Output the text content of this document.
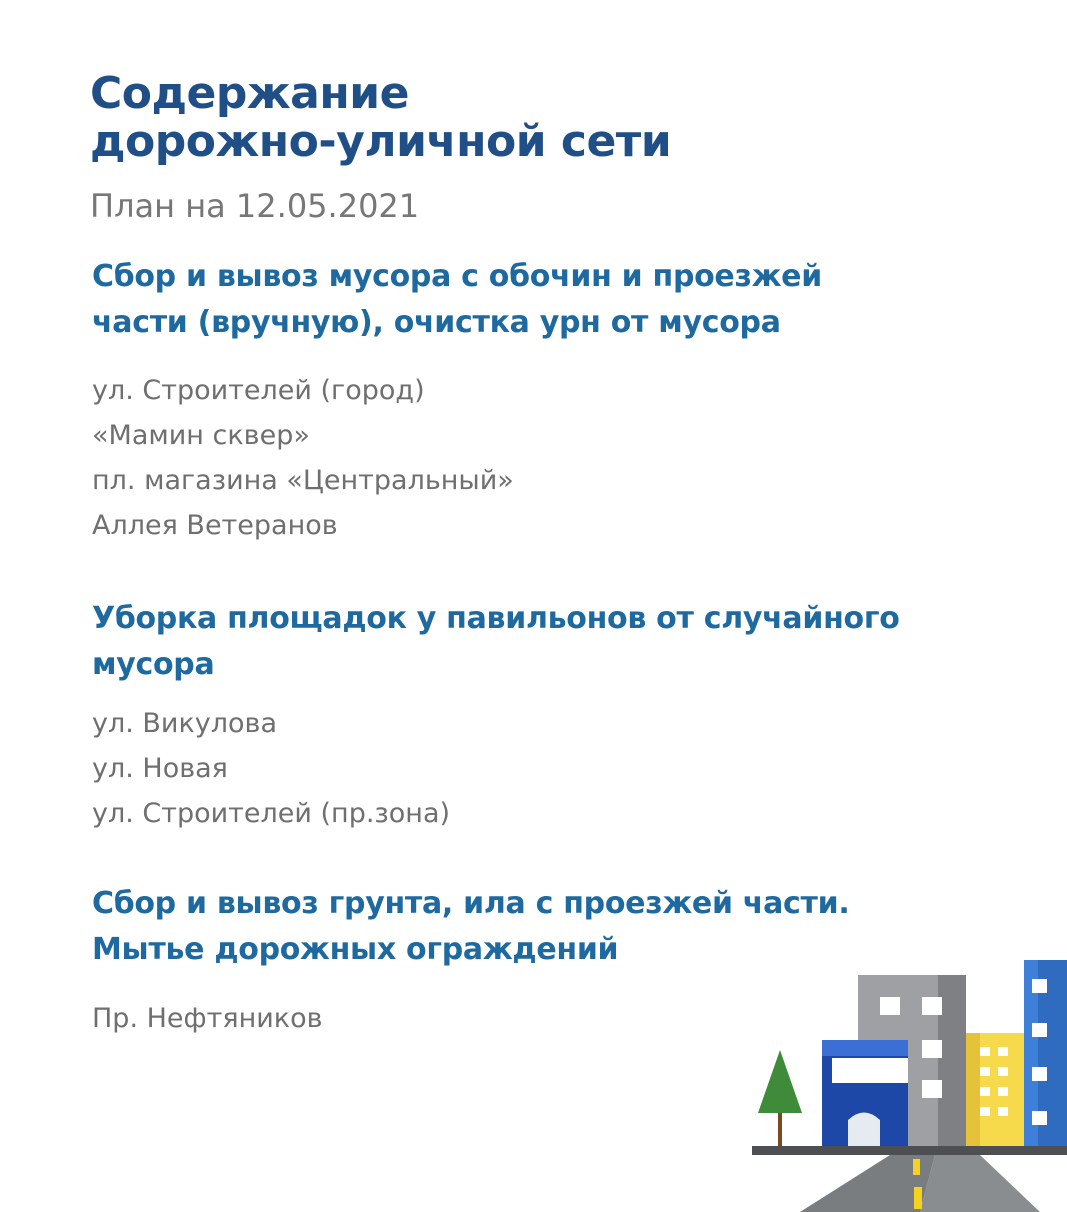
Содержание
дорожно-уличной сети
План на 12.05.2021
Сбор и вывоз мусора с обочин и проезжей
части (вручную), очистка урн от мусора
ул. Строителей (город)
«Мамин сквер»
пл. магазина «Центральный»
Аллея Ветеранов
Уборка площадок у павильонов от случайного
мусора
ул. Викулова
ул. Новая
ул. Строителей (пр.зона)
Сбор и вывоз грунта, ила с проезжей части.
Мытье дорожных ограждений
Пр. Нефтяников
